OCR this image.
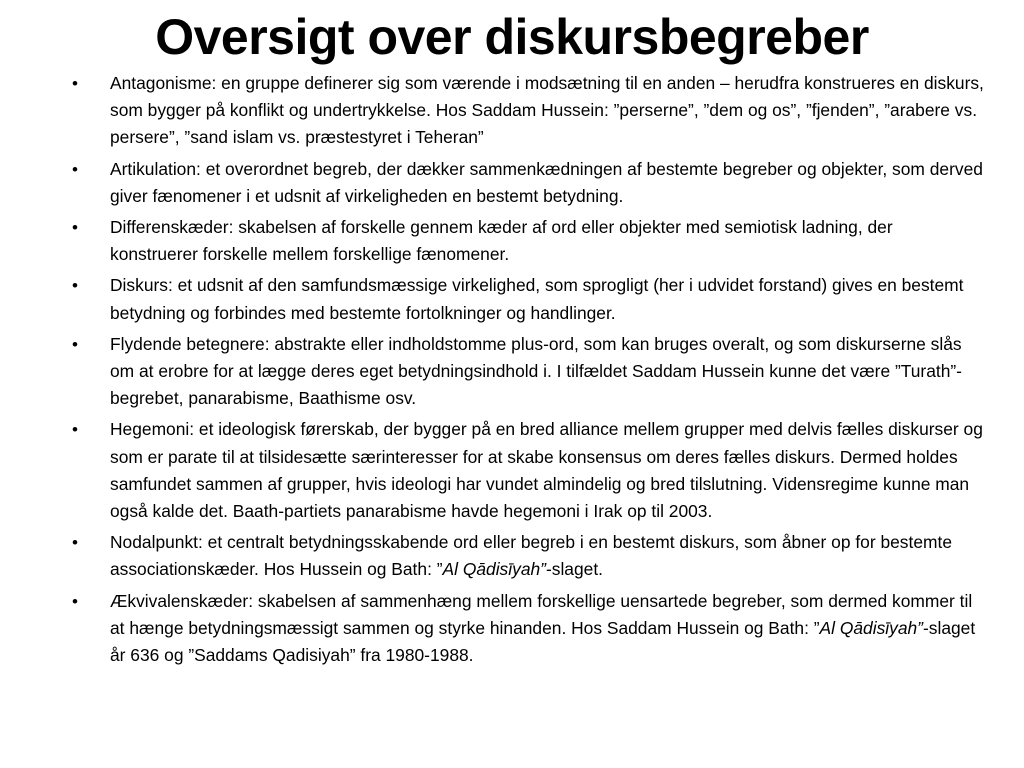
Oversigt over diskursbegreber
• Antagonisme: en gruppe definerer sig som værende i modsætning til en anden – herudfra konstrueres en diskurs, som bygger på konflikt og undertrykkelse. Hos Saddam Hussein: ”perserne”, ”dem og os”, ”fjenden”, ”arabere vs. persere”, ”sand islam vs. præstestyret i Teheran”
• Artikulation: et overordnet begreb, der dækker sammenkædningen af bestemte begreber og objekter, som derved giver fænomener i et udsnit af virkeligheden en bestemt betydning.
• Differenskæder: skabelsen af forskelle gennem kæder af ord eller objekter med semiotisk ladning, der konstruerer forskelle mellem forskellige fænomener.
• Diskurs: et udsnit af den samfundsmæssige virkelighed, som sprogligt (her i udvidet forstand) gives en bestemt betydning og forbindes med bestemte fortolkninger og handlinger.
• Flydende betegnere: abstrakte eller indholdstomme plus-ord, som kan bruges overalt, og som diskurserne slås om at erobre for at lægge deres eget betydningsindhold i. I tilfældet Saddam Hussein kunne det være ”Turath”-begrebet, panarabisme, Baathisme osv.
• Hegemoni: et ideologisk førerskab, der bygger på en bred alliance mellem grupper med delvis fælles diskurser og som er parate til at tilsidesætte særinteresser for at skabe konsensus om deres fælles diskurs. Dermed holdes samfundet sammen af grupper, hvis ideologi har vundet almindelig og bred tilslutning. Vidensregime kunne man også kalde det. Baath-partiets panarabisme havde hegemoni i Irak op til 2003.
• Nodalpunkt: et centralt betydningsskabende ord eller begreb i en bestemt diskurs, som åbner op for bestemte associationskæder. Hos Hussein og Bath: ”Al Qādisīyah”-slaget.
• Ækvivalenskæder: skabelsen af sammenhæng mellem forskellige uensartede begreber, som dermed kommer til at hænge betydningsmæssigt sammen og styrke hinanden. Hos Saddam Hussein og Bath: ”Al Qādisīyah”-slaget år 636 og ”Saddams Qadisiyah” fra 1980-1988.
